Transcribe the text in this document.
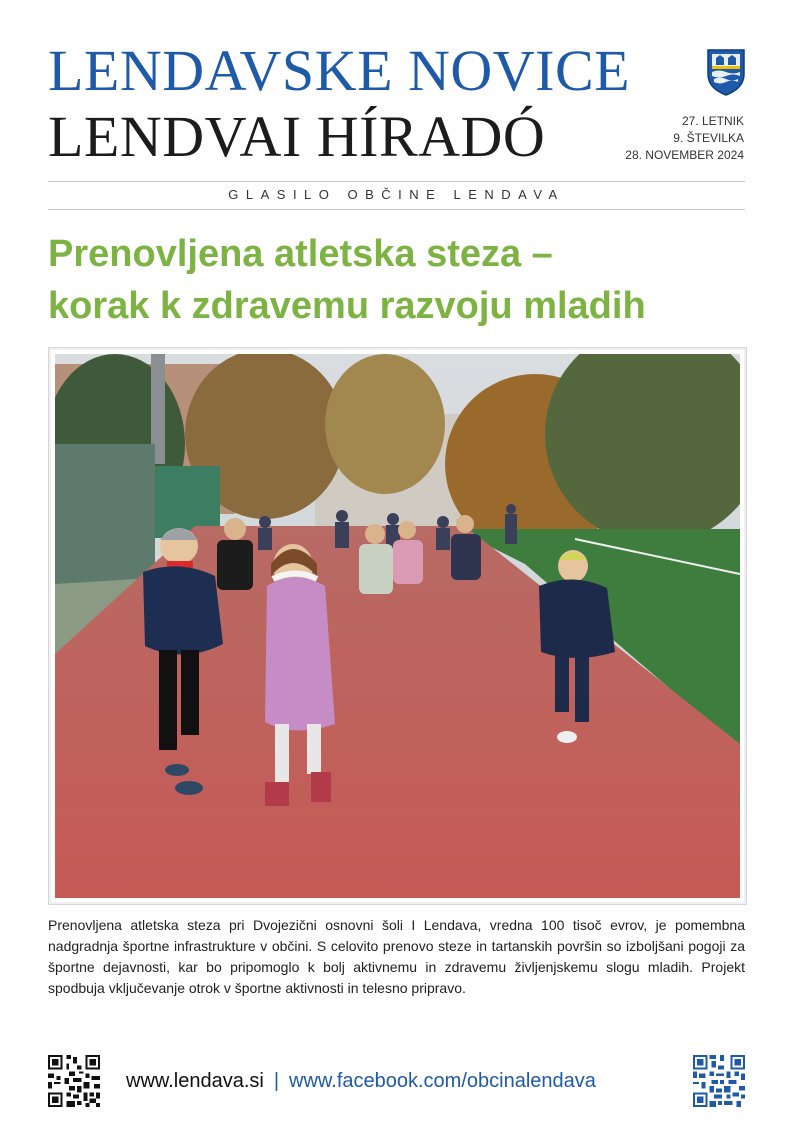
LENDAVSKE NOVICE
LENDVAI HÍRADÓ	27. LETNIK
9. ŠTEVILKA
28. NOVEMBER 2024
GLASILO OBČINE LENDAVA
Prenovljena atletska steza –
korak k zdravemu razvoju mladih
Prenovljena atletska steza pri Dvojezični osnovni šoli I Lendava, vredna 100 tisoč evrov, je pomembna nadgradnja športne infrastrukture v občini. S celovito prenovo steze in tartanskih površin so izboljšani pogoji za športne dejavnosti, kar bo pripomoglo k bolj aktivnemu in zdravemu življenjskemu slogu mladih. Projekt spodbuja vključevanje otrok v športne aktivnosti in telesno pripravo.
www.lendava.si | www.facebook.com/obcinalendava
